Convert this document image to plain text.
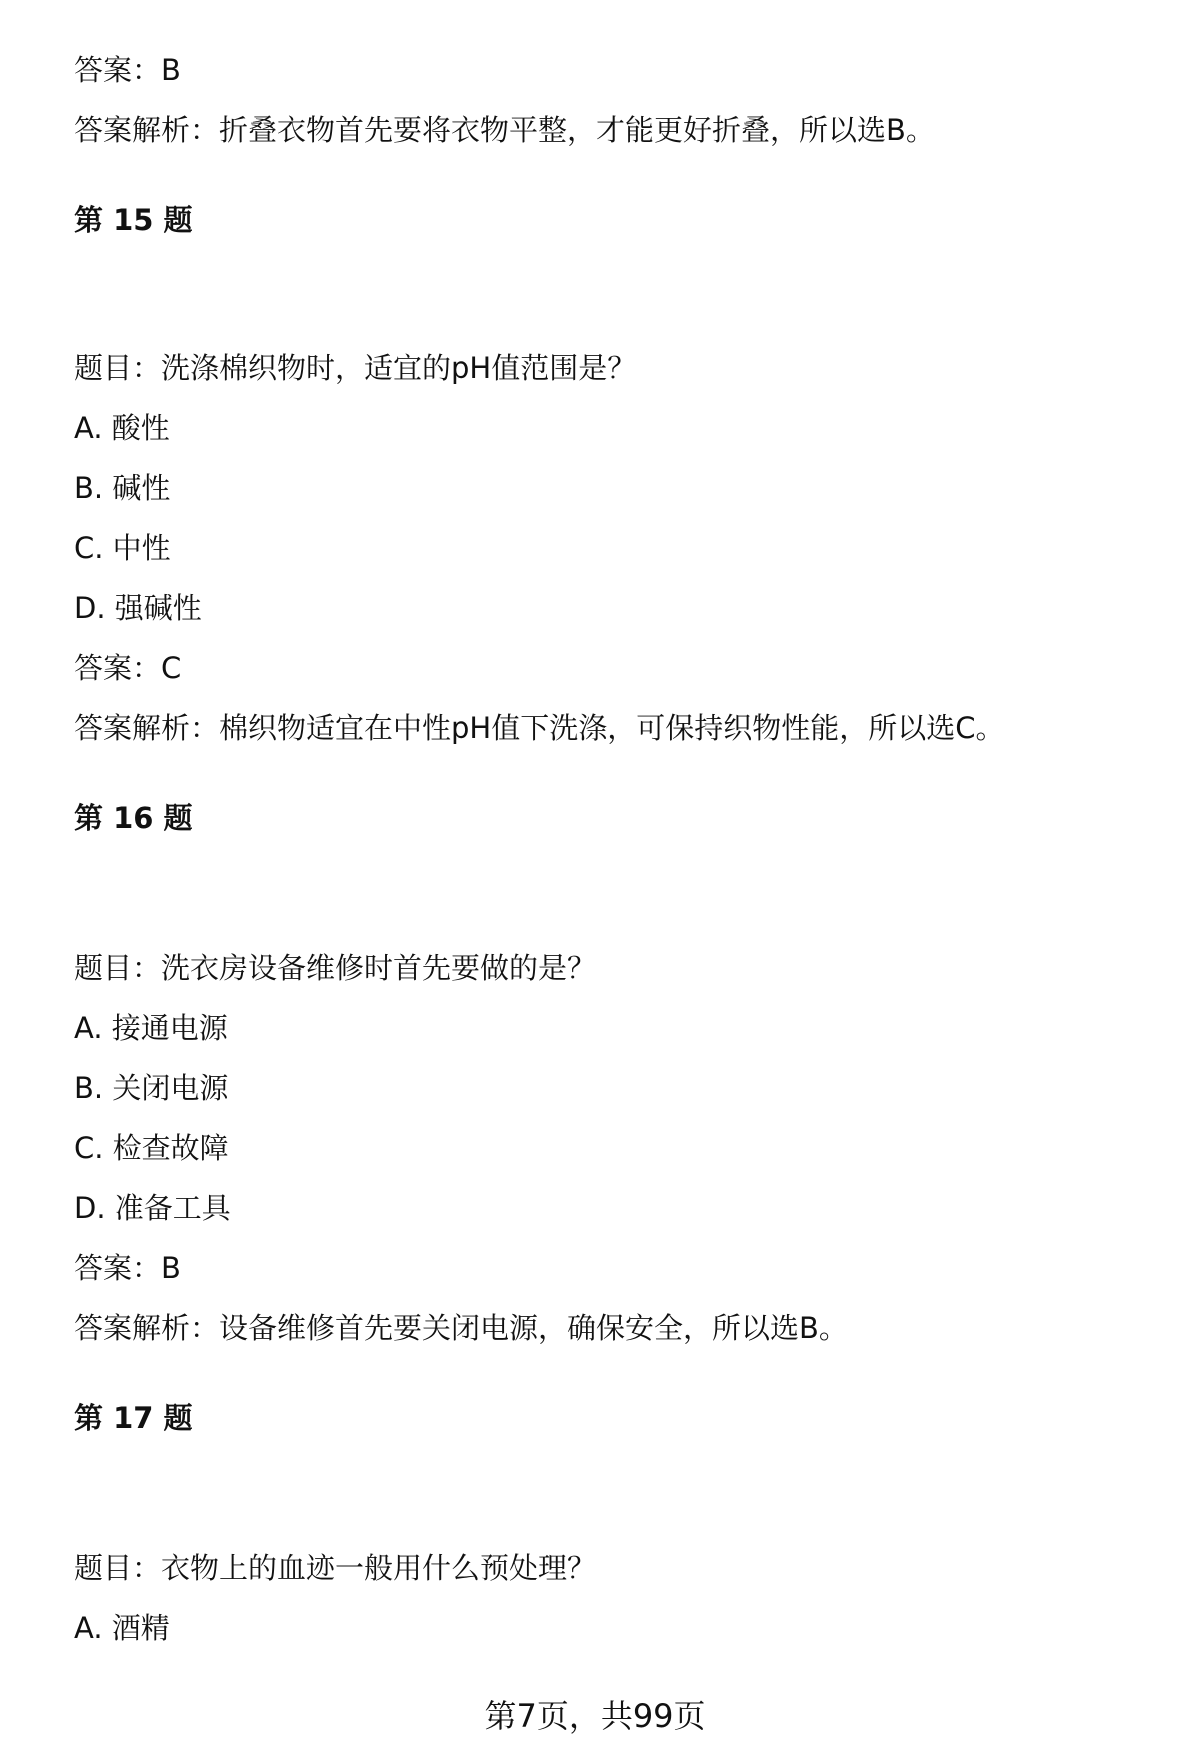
答案：B
答案解析：折叠衣物首先要将衣物平整，才能更好折叠，所以选B。
第 15 题
题目：洗涤棉织物时，适宜的pH值范围是？
A. 酸性
B. 碱性
C. 中性
D. 强碱性
答案：C
答案解析：棉织物适宜在中性pH值下洗涤，可保持织物性能，所以选C。
第 16 题
题目：洗衣房设备维修时首先要做的是？
A. 接通电源
B. 关闭电源
C. 检查故障
D. 准备工具
答案：B
答案解析：设备维修首先要关闭电源，确保安全，所以选B。
第 17 题
题目：衣物上的血迹一般用什么预处理？
A. 酒精
第7页，共99页
